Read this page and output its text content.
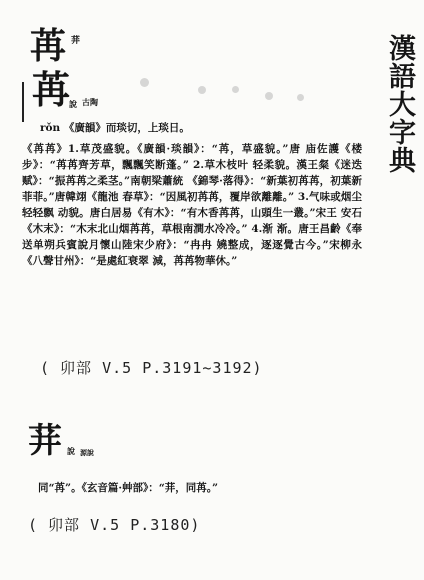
漢語大字典
苒 荓
苒
說 古陶
rǒn 《廣韻》而琰切，上琰日。
《苒苒》1.草茂盛貌。《廣韻·琰韻》：“苒，草盛貌。”唐 庙佐護《楼步》：“苒苒齊芳草，飄飄笑断蓬。” 2.草木枝叶 轻柔貌。漢王粲《迷迭赋》：“振苒苒之柔茎。”南朝梁蕭統 《錦琴·落得》：“新葉初苒苒，初葉新菲菲。”唐韓翊《龍池 春草》：“因風初苒苒，覆岸欲離離。” 3.气味或烟尘轻轻飘 动貌。唐白居易《有木》：“有木香苒苒，山頭生一叢。”宋王 安石《木末》：“木末北山烟苒苒，草根南澗水冷冷。” 4.渐 渐。唐王昌齡《奉送单朔兵賓說月懷山陸宋少府》：“冉冉 嬈整成，逐逐覺古今。”宋柳永《八聲甘州》：“是處紅衰翠 減，苒苒物華休。”
( 卯部 V.5 P.3191~3192)
荓 說 源說
同“苒”。《玄音篇·艸部》：“荓，同苒。”
( 卯部 V.5 P.3180)
